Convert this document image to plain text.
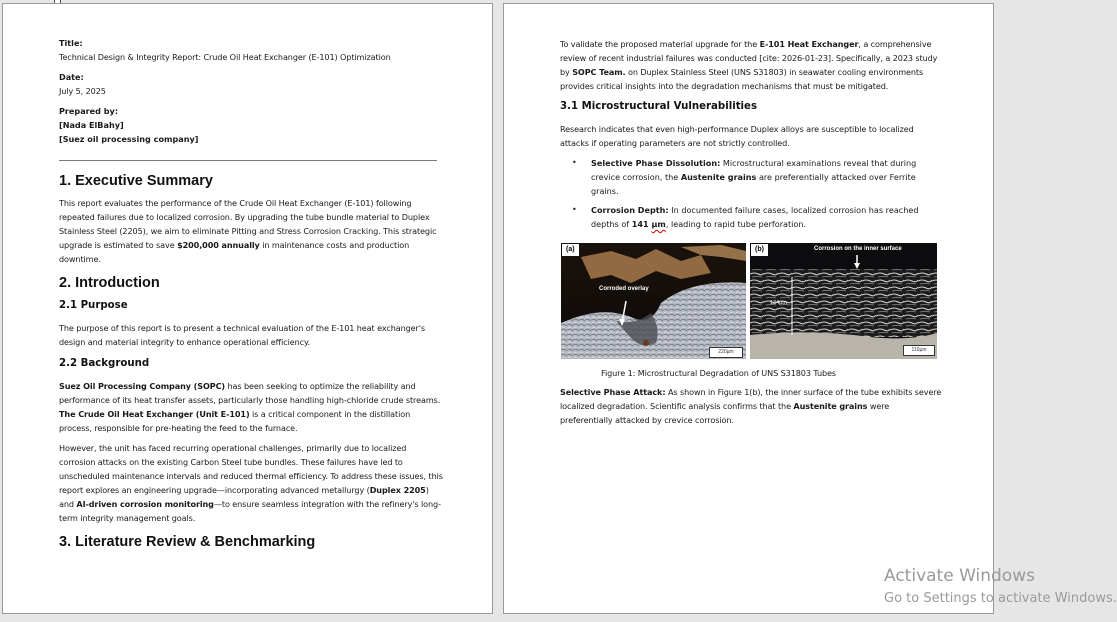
Title:

Technical Design & Integrity Report: Crude Oil Heat Exchanger (E-101) Optimization

Date:

July 5, 2025

Prepared by:

[Nada ElBahy]

[Suez oil processing company]

1. Executive Summary

This report evaluates the performance of the Crude Oil Heat Exchanger (E-101) following repeated failures due to localized corrosion. By upgrading the tube bundle material to Duplex Stainless Steel (2205), we aim to eliminate Pitting and Stress Corrosion Cracking. This strategic upgrade is estimated to save $200,000 annually in maintenance costs and production downtime.

2. Introduction

2.1 Purpose

The purpose of this report is to present a technical evaluation of the E-101 heat exchanger's design and material integrity to enhance operational efficiency.

2.2 Background

Suez Oil Processing Company (SOPC) has been seeking to optimize the reliability and performance of its heat transfer assets, particularly those handling high-chloride crude streams. The Crude Oil Heat Exchanger (Unit E-101) is a critical component in the distillation process, responsible for pre-heating the feed to the furnace.

However, the unit has faced recurring operational challenges, primarily due to localized corrosion attacks on the existing Carbon Steel tube bundles. These failures have led to unscheduled maintenance intervals and reduced thermal efficiency. To address these issues, this report explores an engineering upgrade—incorporating advanced metallurgy (Duplex 2205) and AI-driven corrosion monitoring—to ensure seamless integration with the refinery's long-term integrity management goals.

3. Literature Review & Benchmarking

To validate the proposed material upgrade for the E-101 Heat Exchanger, a comprehensive review of recent industrial failures was conducted [cite: 2026-01-23]. Specifically, a 2023 study by SOPC Team. on Duplex Stainless Steel (UNS S31803) in seawater cooling environments provides critical insights into the degradation mechanisms that must be mitigated.

3.1 Microstructural Vulnerabilities

Research indicates that even high-performance Duplex alloys are susceptible to localized attacks if operating parameters are not strictly controlled.

• Selective Phase Dissolution: Microstructural examinations reveal that during crevice corrosion, the Austenite grains are preferentially attacked over Ferrite grains.
• Corrosion Depth: In documented failure cases, localized corrosion has reached depths of 141 µm, leading to rapid tube perforation.
(a)
Corroded overlay
220µm
(b)	Corrosion on the inner surface
134µm
110µm

Figure 1: Microstructural Degradation of UNS S31803 Tubes

Selective Phase Attack: As shown in Figure 1(b), the inner surface of the tube exhibits severe localized degradation. Scientific analysis confirms that the Austenite grains were preferentially attacked by crevice corrosion.

Activate Windows
Go to Settings to activate Windows.
